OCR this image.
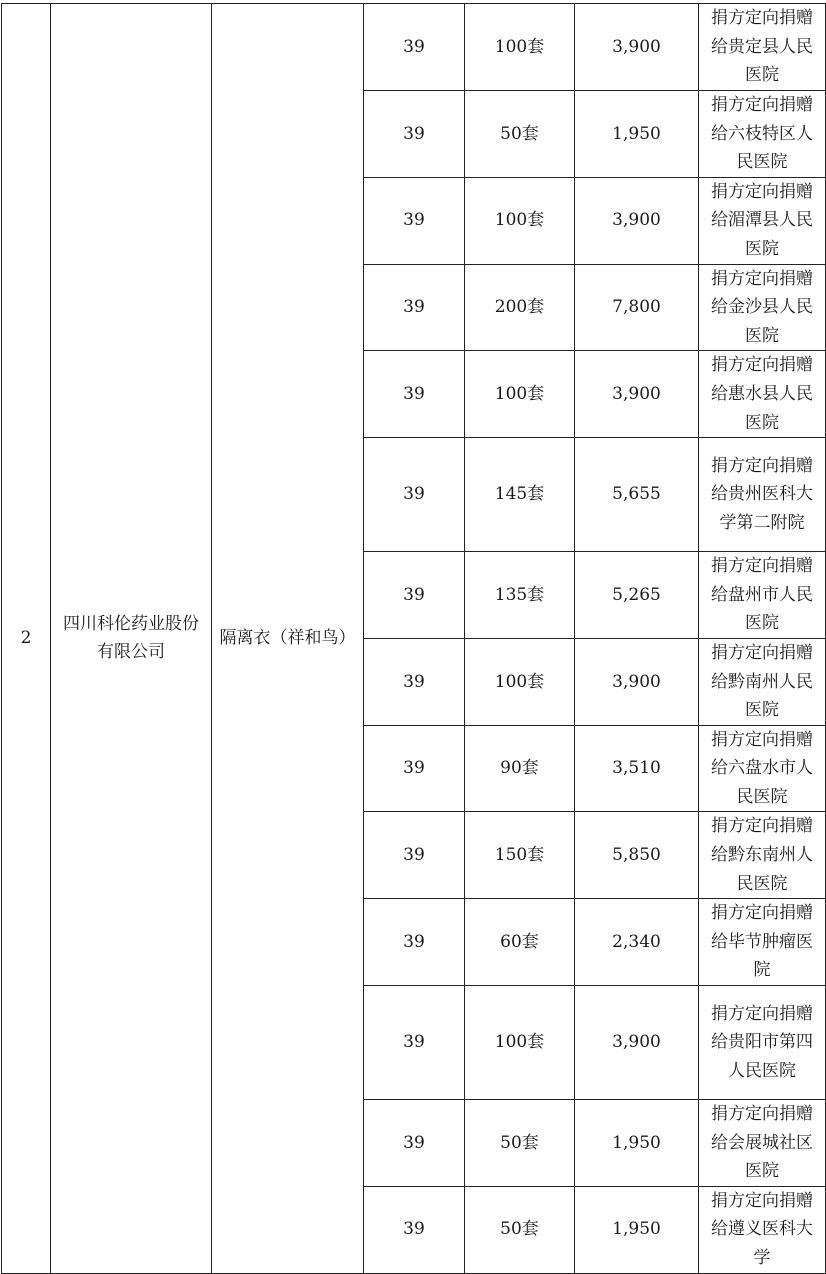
2	四川科伦药业股份有限公司	隔离衣（祥和鸟）	39	100套	3,900	捐方定向捐赠给贵定县人民医院
			39	50套	1,950	捐方定向捐赠给六枝特区人民医院
			39	100套	3,900	捐方定向捐赠给湄潭县人民医院
			39	200套	7,800	捐方定向捐赠给金沙县人民医院
			39	100套	3,900	捐方定向捐赠给惠水县人民医院
			39	145套	5,655	捐方定向捐赠给贵州医科大学第二附院
			39	135套	5,265	捐方定向捐赠给盘州市人民医院
			39	100套	3,900	捐方定向捐赠给黔南州人民医院
			39	90套	3,510	捐方定向捐赠给六盘水市人民医院
			39	150套	5,850	捐方定向捐赠给黔东南州人民医院
			39	60套	2,340	捐方定向捐赠给毕节肿瘤医院
			39	100套	3,900	捐方定向捐赠给贵阳市第四人民医院
			39	50套	1,950	捐方定向捐赠给会展城社区医院
			39	50套	1,950	捐方定向捐赠给遵义医科大学
